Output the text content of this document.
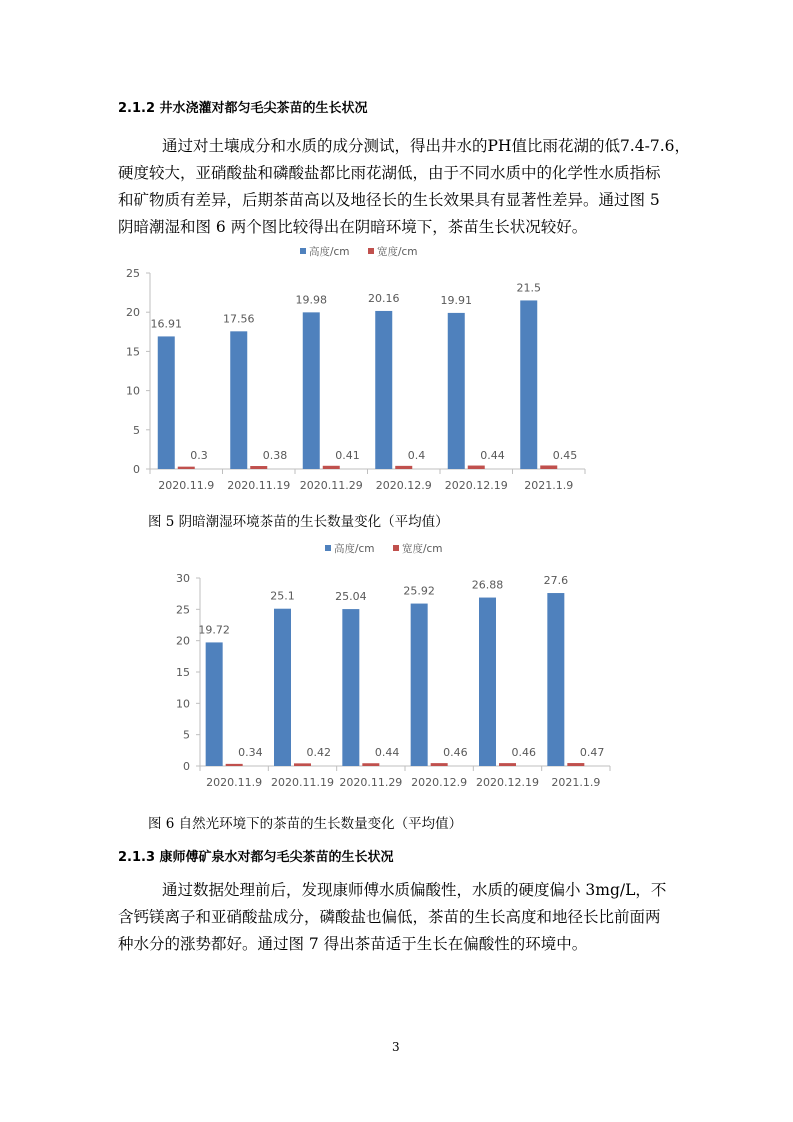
2.1.2 井水浇灌对都匀毛尖茶苗的生长状况
通过对土壤成分和水质的成分测试，得出井水的PH值比雨花湖的低7.4-7.6，
硬度较大，亚硝酸盐和磷酸盐都比雨花湖低，由于不同水质中的化学性水质指标
和矿物质有差异，后期茶苗高以及地径长的生长效果具有显著性差异。通过图 5
阴暗潮湿和图 6 两个图比较得出在阴暗环境下，茶苗生长状况较好。
高度/cm	宽度/cm
0
5
10
15
20
25
2020.11.9
16.91
0.3
2020.11.19
17.56
0.38
2020.11.29
19.98
0.41
2020.12.9
20.16
0.4
2020.12.19
19.91
0.44
2021.1.9
21.5
0.45
图 5 阴暗潮湿环境茶苗的生长数量变化（平均值）
高度/cm	宽度/cm
0
5
10
15
20
25
30
2020.11.9
19.72
0.34
2020.11.19
25.1
0.42
2020.11.29
25.04
0.44
2020.12.9
25.92
0.46
2020.12.19
26.88
0.46
2021.1.9
27.6
0.47
图 6 自然光环境下的茶苗的生长数量变化（平均值）
2.1.3 康师傅矿泉水对都匀毛尖茶苗的生长状况
通过数据处理前后，发现康师傅水质偏酸性，水质的硬度偏小 3mg/L，不
含钙镁离子和亚硝酸盐成分，磷酸盐也偏低，茶苗的生长高度和地径长比前面两
种水分的涨势都好。通过图 7 得出茶苗适于生长在偏酸性的环境中。
3
